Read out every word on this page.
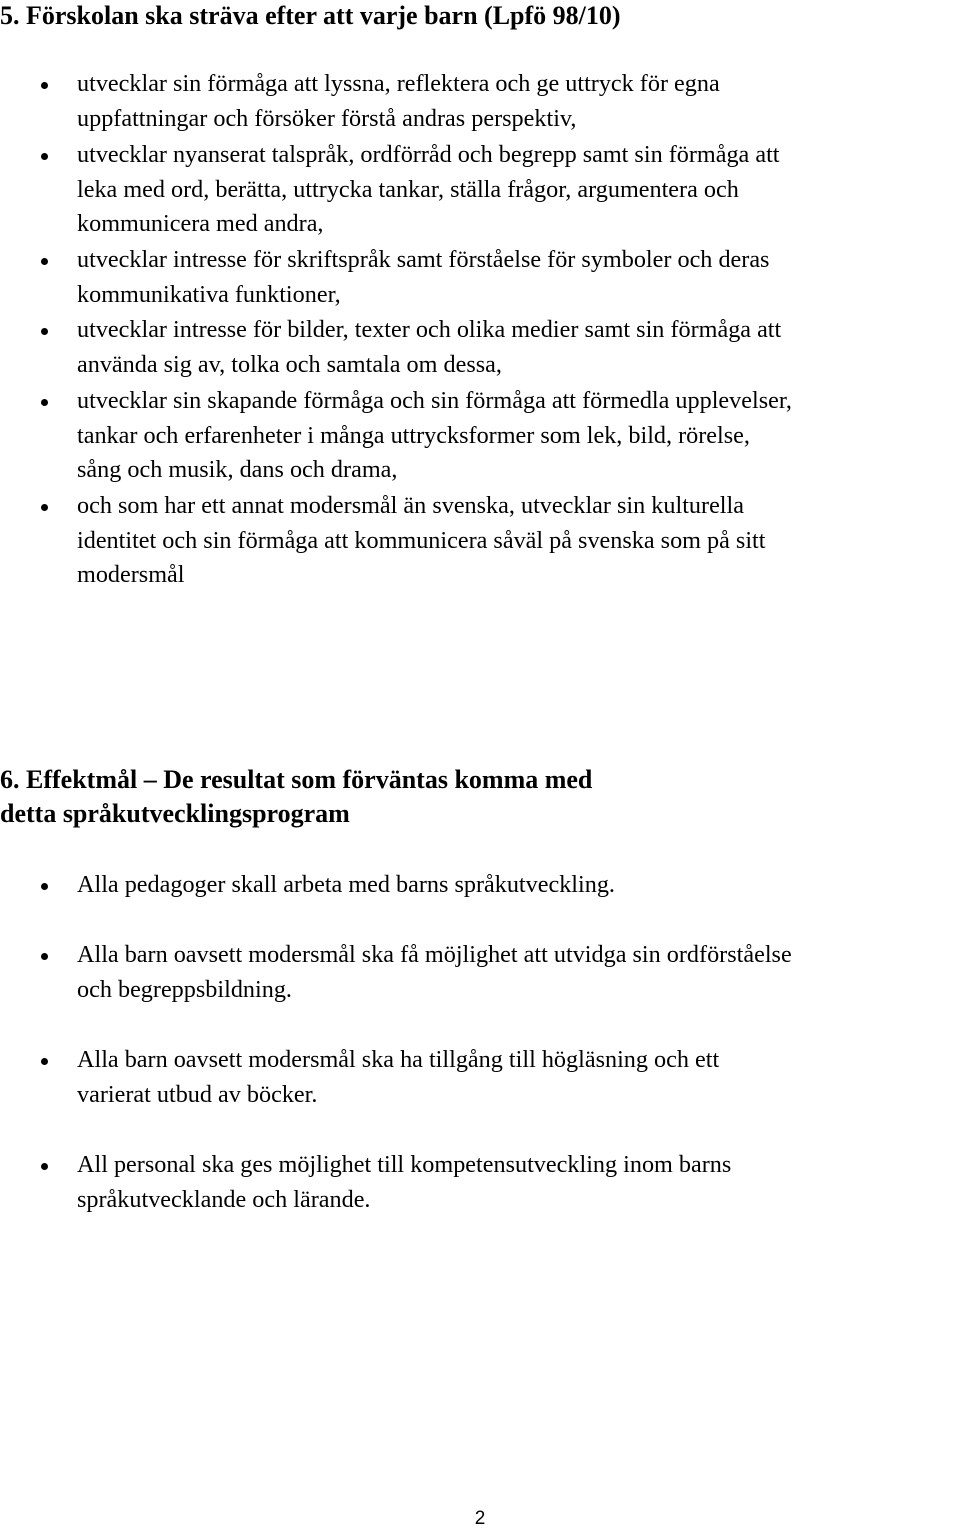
5. Förskolan ska sträva efter att varje barn (Lpfö 98/10)

utvecklar sin förmåga att lyssna, reflektera och ge uttryck för egna
uppfattningar och försöker förstå andras perspektiv,

utvecklar nyanserat talspråk, ordförråd och begrepp samt sin förmåga att
leka med ord, berätta, uttrycka tankar, ställa frågor, argumentera och
kommunicera med andra,

utvecklar intresse för skriftspråk samt förståelse för symboler och deras
kommunikativa funktioner,

utvecklar intresse för bilder, texter och olika medier samt sin förmåga att
använda sig av, tolka och samtala om dessa,

utvecklar sin skapande förmåga och sin förmåga att förmedla upplevelser,
tankar och erfarenheter i många uttrycksformer som lek, bild, rörelse,
sång och musik, dans och drama,

och som har ett annat modersmål än svenska, utvecklar sin kulturella
identitet och sin förmåga att kommunicera såväl på svenska som på sitt
modersmål

6. Effektmål – De resultat som förväntas komma med
detta språkutvecklingsprogram

Alla pedagoger skall arbeta med barns språkutveckling.

Alla barn oavsett modersmål ska få möjlighet att utvidga sin ordförståelse
och begreppsbildning.

Alla barn oavsett modersmål ska ha tillgång till högläsning och ett
varierat utbud av böcker.

All personal ska ges möjlighet till kompetensutveckling inom barns
språkutvecklande och lärande.

2
